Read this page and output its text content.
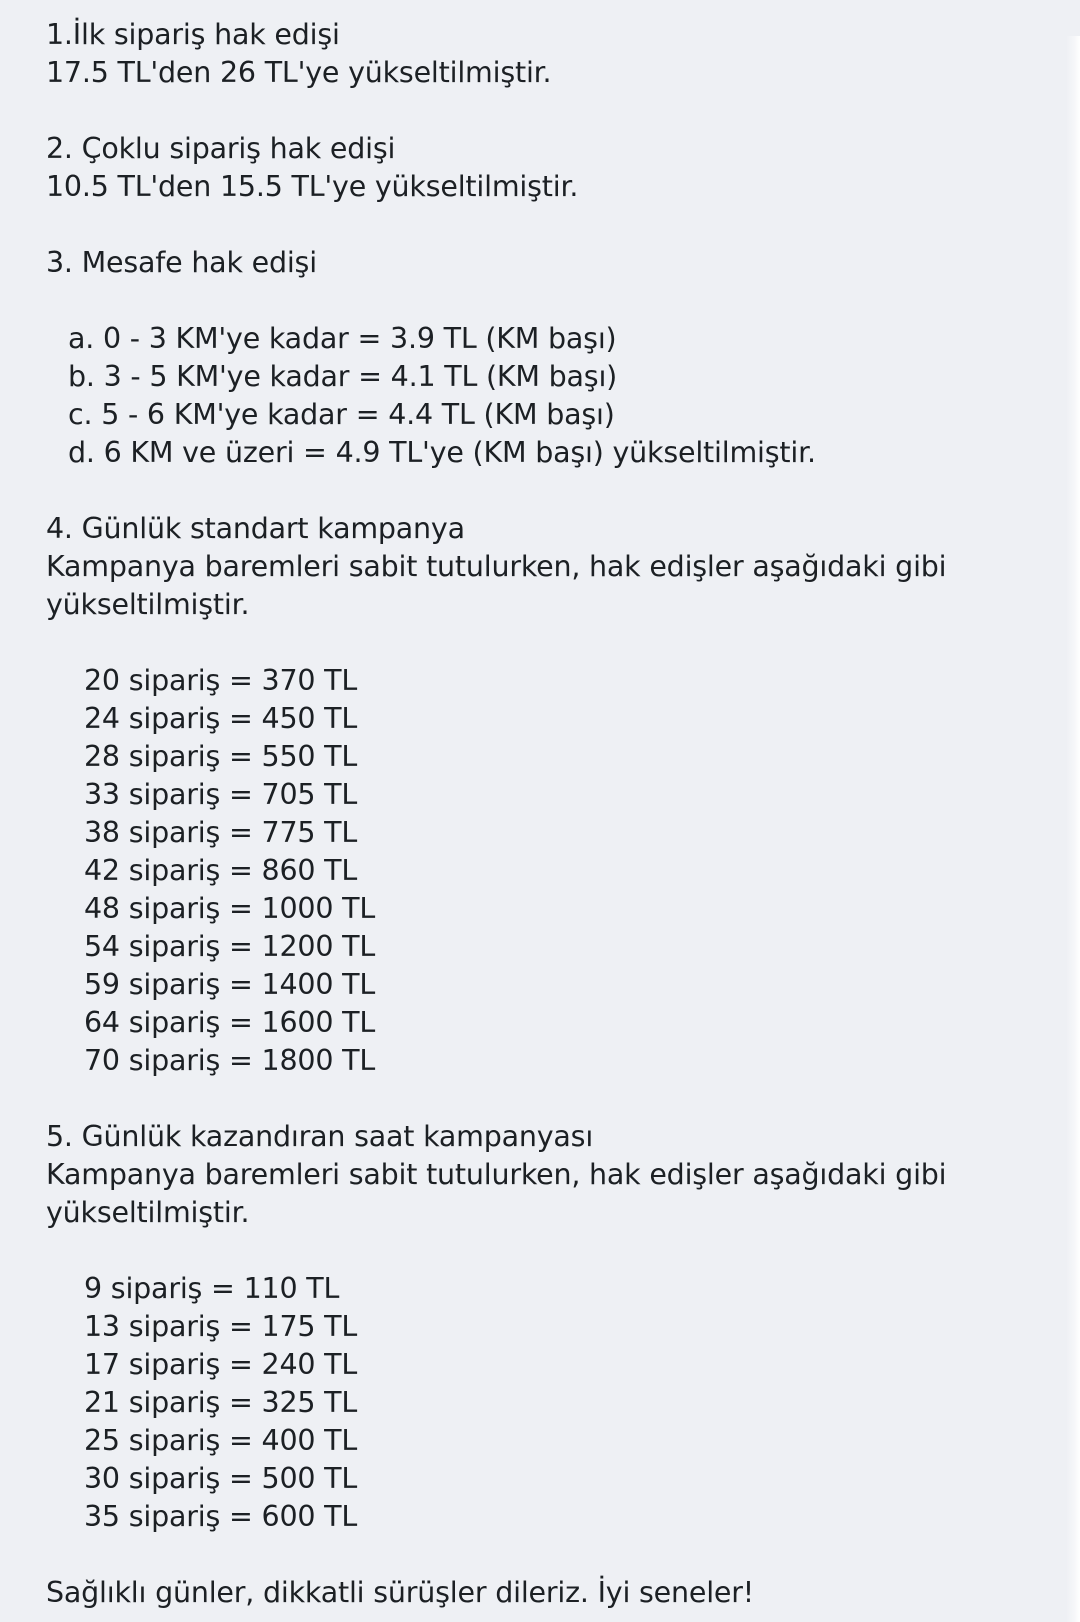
1.İlk sipariş hak edişi
17.5 TL'den 26 TL'ye yükseltilmiştir.
2. Çoklu sipariş hak edişi
10.5 TL'den 15.5 TL'ye yükseltilmiştir.
3. Mesafe hak edişi
a. 0 - 3 KM'ye kadar = 3.9 TL (KM başı)
b. 3 - 5 KM'ye kadar = 4.1 TL (KM başı)
c. 5 - 6 KM'ye kadar = 4.4 TL (KM başı)
d. 6 KM ve üzeri = 4.9 TL'ye (KM başı) yükseltilmiştir.
4. Günlük standart kampanya
Kampanya baremleri sabit tutulurken, hak edişler aşağıdaki gibi
yükseltilmiştir.
20 sipariş = 370 TL
24 sipariş = 450 TL
28 sipariş = 550 TL
33 sipariş = 705 TL
38 sipariş = 775 TL
42 sipariş = 860 TL
48 sipariş = 1000 TL
54 sipariş = 1200 TL
59 sipariş = 1400 TL
64 sipariş = 1600 TL
70 sipariş = 1800 TL
5. Günlük kazandıran saat kampanyası
Kampanya baremleri sabit tutulurken, hak edişler aşağıdaki gibi
yükseltilmiştir.
9 sipariş = 110 TL
13 sipariş = 175 TL
17 sipariş = 240 TL
21 sipariş = 325 TL
25 sipariş = 400 TL
30 sipariş = 500 TL
35 sipariş = 600 TL
Sağlıklı günler, dikkatli sürüşler dileriz. İyi seneler!
